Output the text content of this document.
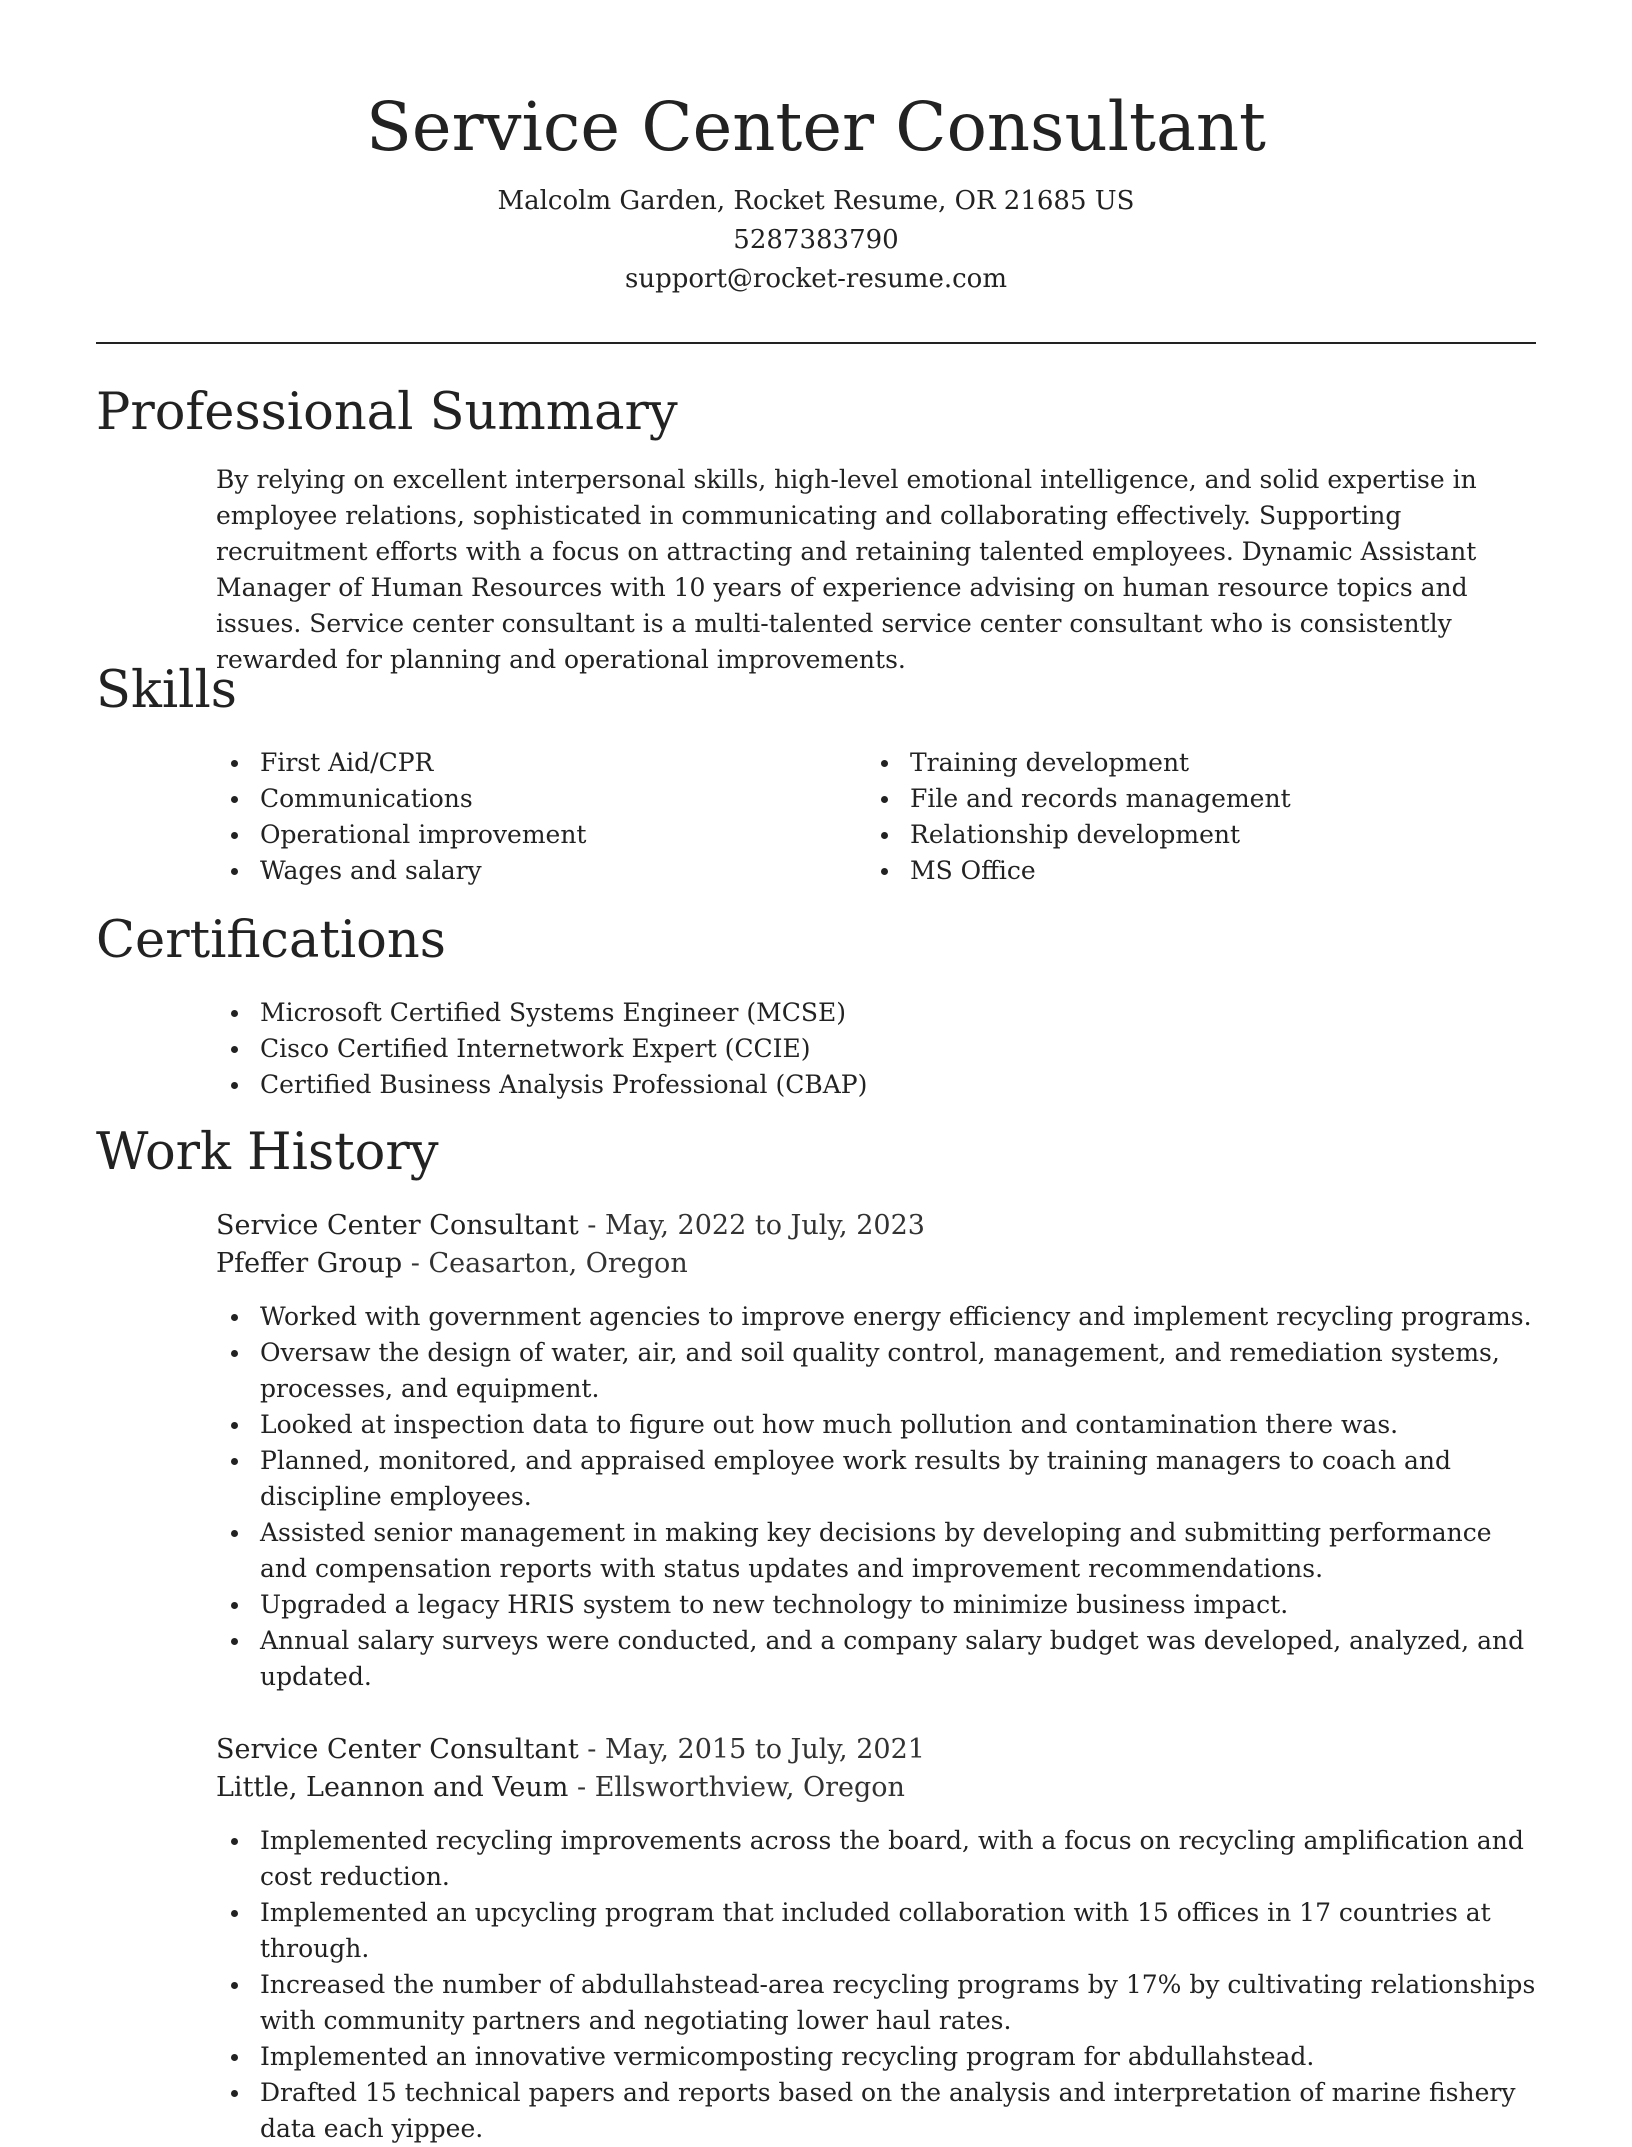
Service Center Consultant
Malcolm Garden, Rocket Resume, OR 21685 US
5287383790
support@rocket-resume.com
Professional Summary

By relying on excellent interpersonal skills, high-level emotional intelligence, and solid expertise in employee relations, sophisticated in communicating and collaborating effectively. Supporting recruitment efforts with a focus on attracting and retaining talented employees. Dynamic Assistant Manager of Human Resources with 10 years of experience advising on human resource topics and issues. Service center consultant is a multi-talented service center consultant who is consistently rewarded for planning and operational improvements.

Skills
First Aid/CPR
Communications
Operational improvement
Wages and salary
Training development
File and records management
Relationship development
MS Office
Certifications
Microsoft Certified Systems Engineer (MCSE)
Cisco Certified Internetwork Expert (CCIE)
Certified Business Analysis Professional (CBAP)
Work History
Service Center Consultant - May, 2022 to July, 2023
Pfeffer Group - Ceasarton, Oregon
Worked with government agencies to improve energy efficiency and implement recycling programs.
Oversaw the design of water, air, and soil quality control, management, and remediation systems, processes, and equipment.
Looked at inspection data to figure out how much pollution and contamination there was.
Planned, monitored, and appraised employee work results by training managers to coach and discipline employees.
Assisted senior management in making key decisions by developing and submitting performance and compensation reports with status updates and improvement recommendations.
Upgraded a legacy HRIS system to new technology to minimize business impact.
Annual salary surveys were conducted, and a company salary budget was developed, analyzed, and updated.
Service Center Consultant - May, 2015 to July, 2021
Little, Leannon and Veum - Ellsworthview, Oregon
Implemented recycling improvements across the board, with a focus on recycling amplification and cost reduction.
Implemented an upcycling program that included collaboration with 15 offices in 17 countries at through.
Increased the number of abdullahstead-area recycling programs by 17% by cultivating relationships with community partners and negotiating lower haul rates.
Implemented an innovative vermicomposting recycling program for abdullahstead.
Drafted 15 technical papers and reports based on the analysis and interpretation of marine fishery data each yippee.
